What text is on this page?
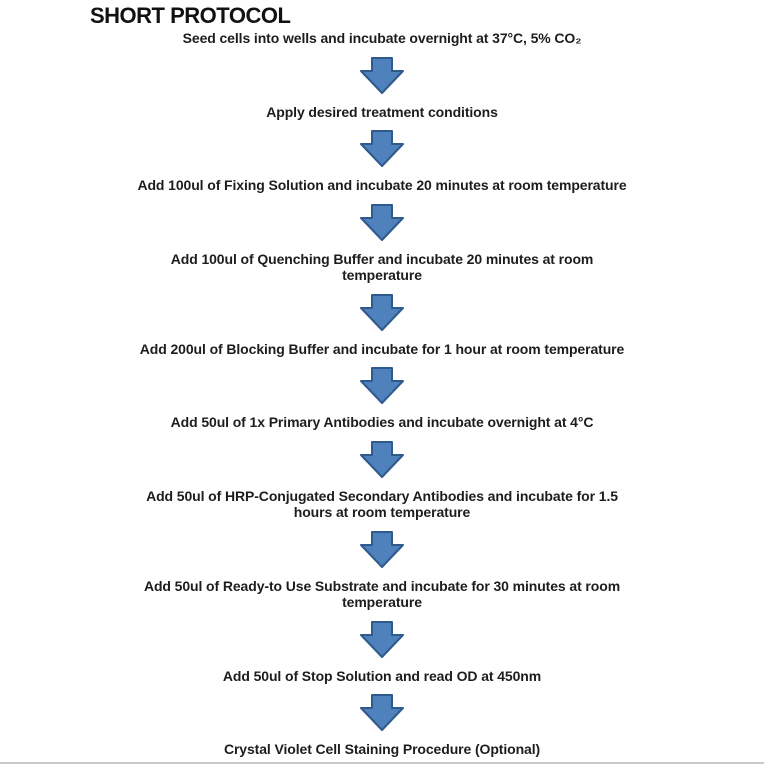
SHORT PROTOCOL
Seed cells into wells and incubate overnight at 37°C, 5% CO₂
Apply desired treatment conditions
Add 100ul of Fixing Solution and incubate 20 minutes at room temperature
Add 100ul of Quenching Buffer and incubate 20 minutes at room
temperature
Add 200ul of Blocking Buffer and incubate for 1 hour at room temperature
Add 50ul of 1x Primary Antibodies and incubate overnight at 4°C
Add 50ul of HRP-Conjugated Secondary Antibodies and incubate for 1.5
hours at room temperature
Add 50ul of Ready-to Use Substrate and incubate for 30 minutes at room
temperature
Add 50ul of Stop Solution and read OD at 450nm
Crystal Violet Cell Staining Procedure (Optional)
